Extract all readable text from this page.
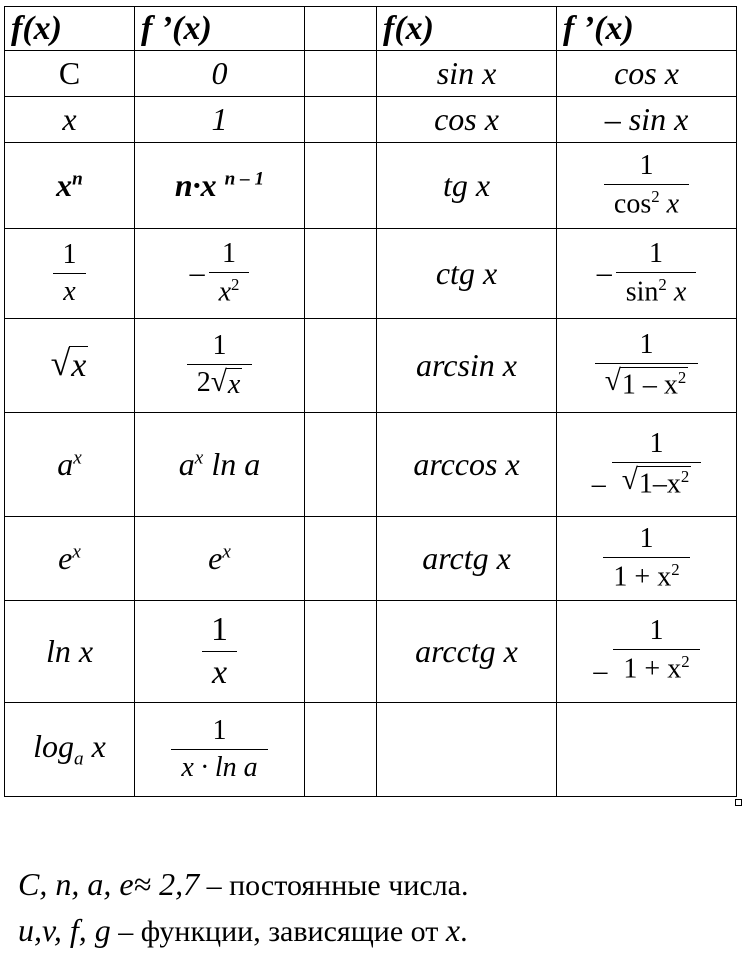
f(x)	f ’(x)		f(x)	f ’(x)
C	0		sin x	cos x
x	1		cos x	– sin x
$x^n$	n·x $^{n - 1}$		tg x	$\frac{1}{\cos^2 x}$

$\frac{1}{x}$	– $\frac{1}{x^2}$		ctg x	– $\frac{1}{\sin^2 x}$

√ x	$\frac{1}{2 √ x}$		arcsin x	$\frac{1}{√ 1 - x^2}$

$a^x$	$a^x$ ln a		arccos x	– $\frac{1}{√ 1-x^2}$

$e^x$	$e^x$		arctg x	$\frac{1}{1 + x^2}$

ln x	$\frac{1}{x}$		arcctg x	– $\frac{1}{1 + x^2}$

$\log_a x$	$\frac{1}{\text{x · ln a}}$

C, n, a, e≈ 2,7 – постоянные числа.

u,v, f, g – функции, зависящие от x.
